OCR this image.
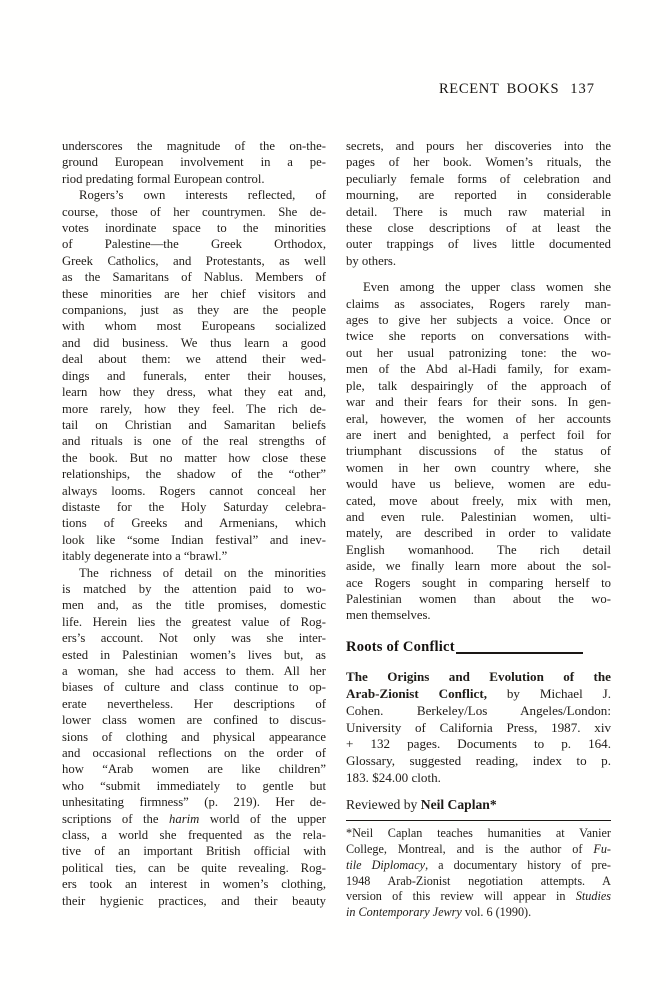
RECENT BOOKS 137
underscores the magnitude of the on-the-
ground European involvement in a pe-
riod predating formal European control.
Rogers’s own interests reflected, of
course, those of her countrymen. She de-
votes inordinate space to the minorities
of Palestine—the Greek Orthodox,
Greek Catholics, and Protestants, as well
as the Samaritans of Nablus. Members of
these minorities are her chief visitors and
companions, just as they are the people
with whom most Europeans socialized
and did business. We thus learn a good
deal about them: we attend their wed-
dings and funerals, enter their houses,
learn how they dress, what they eat and,
more rarely, how they feel. The rich de-
tail on Christian and Samaritan beliefs
and rituals is one of the real strengths of
the book. But no matter how close these
relationships, the shadow of the “other”
always looms. Rogers cannot conceal her
distaste for the Holy Saturday celebra-
tions of Greeks and Armenians, which
look like “some Indian festival” and inev-
itably degenerate into a “brawl.”
The richness of detail on the minorities
is matched by the attention paid to wo-
men and, as the title promises, domestic
life. Herein lies the greatest value of Rog-
ers’s account. Not only was she inter-
ested in Palestinian women’s lives but, as
a woman, she had access to them. All her
biases of culture and class continue to op-
erate nevertheless. Her descriptions of
lower class women are confined to discus-
sions of clothing and physical appearance
and occasional reflections on the order of
how “Arab women are like children”
who “submit immediately to gentle but
unhesitating firmness” (p. 219). Her de-
scriptions of the harim world of the upper
class, a world she frequented as the rela-
tive of an important British official with
political ties, can be quite revealing. Rog-
ers took an interest in women’s clothing,
their hygienic practices, and their beauty
secrets, and pours her discoveries into the
pages of her book. Women’s rituals, the
peculiarly female forms of celebration and
mourning, are reported in considerable
detail. There is much raw material in
these close descriptions of at least the
outer trappings of lives little documented
by others.
Even among the upper class women she
claims as associates, Rogers rarely man-
ages to give her subjects a voice. Once or
twice she reports on conversations with-
out her usual patronizing tone: the wo-
men of the Abd al-Hadi family, for exam-
ple, talk despairingly of the approach of
war and their fears for their sons. In gen-
eral, however, the women of her accounts
are inert and benighted, a perfect foil for
triumphant discussions of the status of
women in her own country where, she
would have us believe, women are edu-
cated, move about freely, mix with men,
and even rule. Palestinian women, ulti-
mately, are described in order to validate
English womanhood. The rich detail
aside, we finally learn more about the sol-
ace Rogers sought in comparing herself to
Palestinian women than about the wo-
men themselves.
Roots of Conflict
The Origins and Evolution of the
Arab-Zionist Conflict, by Michael J.
Cohen. Berkeley/Los Angeles/London:
University of California Press, 1987. xiv
+ 132 pages. Documents to p. 164.
Glossary, suggested reading, index to p.
183. $24.00 cloth.
Reviewed by Neil Caplan*
*Neil Caplan teaches humanities at Vanier
College, Montreal, and is the author of Fu-
tile Diplomacy, a documentary history of pre-
1948 Arab-Zionist negotiation attempts. A
version of this review will appear in Studies
in Contemporary Jewry vol. 6 (1990).
